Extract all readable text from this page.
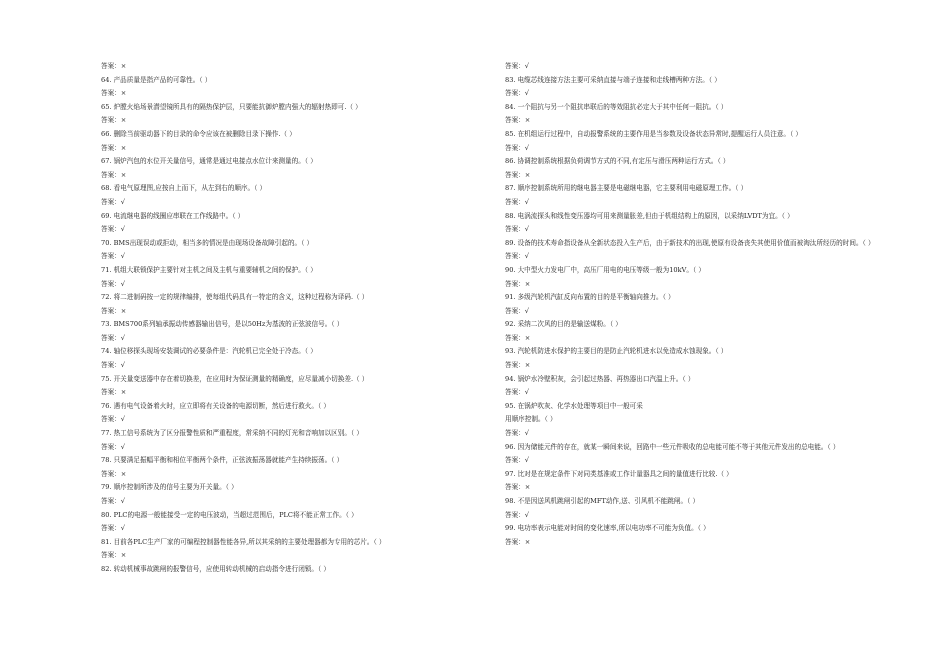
答案：×
64. 产品质量是指产品的可靠性。（ ）
答案：×
65. 炉膛火焰场景潜望镜所具有的隔热保护层，只要能抗御炉膛内强大的辐射热即可.（ ）
答案：×
66. 删除当前驱动器下的目录的命令应该在被删除目录下操作.（ ）
答案：×
67. 锅炉汽包的水位开关量信号，通常是通过电接点水位计来测量的。（ ）
答案：×
68. 看电气原理图,应按自上而下，从左到右的顺序。（ ）
答案：√
69. 电流继电器的线圈应串联在工作线路中。（ ）
答案：√
70. BMS出现误动或拒动，相当多的情况是由现场设备故障引起的。（ ）
答案：√
71. 机组大联锁保护主要针对主机之间及主机与重要辅机之间的保护。（ ）
答案：√
72. 将二进制码按一定的规律编排，使每组代码具有一特定的含义，这种过程称为译码.（ ）
答案：×
73. BMS700系列轴承振动传感器输出信号，是以50Hz为基波的正弦波信号。（ ）
答案：√
74. 轴位移探头现场安装调试的必要条件是：汽轮机已完全处于冷态。（ ）
答案：√
75. 开关量变送器中存在着切换差，在应用时为保证测量的精确度，应尽量减小切换差.（ ）
答案：×
76. 遇有电气设备着火时，应立即将有关设备的电源切断，然后进行救火。（ ）
答案：√
77. 热工信号系统为了区分报警性质和严重程度，常采纳不同的灯光和音响加以区别。（ ）
答案：√
78. 只要满足振幅平衡和相位平衡两个条件，正弦波振荡器就能产生持续振荡。（ ）
答案：×
79. 顺序控制所涉及的信号主要为开关量。（ ）
答案：√
80. PLC的电源一般能接受一定的电压波动，当超过范围后，PLC将不能正常工作。（ ）
答案：√
81. 目前各PLC生产厂家的可编程控制器性能各异,所以其采纳的主要处理器都为专用的芯片。（ ）
答案：×
82. 转动机械事故跳闸的报警信号，应使用转动机械的启动指令进行闭锁。（ ）
答案：√
83. 电缆芯线连接方法主要可采纳直接与端子连接和走线槽两种方法。（ ）
答案：√
84. 一个阻抗与另一个阻抗串联后的等效阻抗必定大于其中任何一阻抗。（ ）
答案：×
85. 在机组运行过程中，自动报警系统的主要作用是当参数及设备状态异常时,提醒运行人员注意。（ ）
答案：√
86. 协调控制系统根据负荷调节方式的不同,有定压与滑压两种运行方式。（ ）
答案：×
87. 顺序控制系统所用的继电器主要是电磁继电器，它主要利用电磁原理工作。（ ）
答案：√
88. 电涡流探头和线性变压器均可用来测量胀差,但由于机组结构上的原因，以采纳LVDT为宜。（ ）
答案：√
89. 设备的技术寿命指设备从全新状态投入生产后，由于新技术的出现,使原有设备丧失其使用价值而被淘汰所经历的时间。（ ）
答案：√
90. 大中型火力发电厂中，高压厂用电的电压等级一般为10kV。（ ）
答案：×
91. 多级汽轮机汽缸反向布置的目的是平衡轴向推力。（ ）
答案：√
92. 采纳二次风的目的是输送煤粉。（ ）
答案：×
93. 汽轮机防进水保护的主要目的是防止汽轮机进水以免造成水蚀现象。（ ）
答案：×
94. 锅炉水冷壁积灰，会引起过热器、再热器出口汽温上升。（ ）
答案：√
95. 在锅炉吹灰、化学水处理等项目中一般可采
用顺序控制。（ ）
答案：√
96. 因为储能元件的存在，就某一瞬间来说，回路中一些元件吸收的总电能可能不等于其他元件发出的总电能。（ ）
答案：√
97. 比对是在规定条件下对同类基准或工作计量器具之间的量值进行比较.（ ）
答案：×
98. 不是因送风机跳闸引起的MFT动作,送、引风机不能跳闸。（ ）
答案：√
99. 电功率表示电能对时间的变化速率,所以电功率不可能为负值。（ ）
答案：×
